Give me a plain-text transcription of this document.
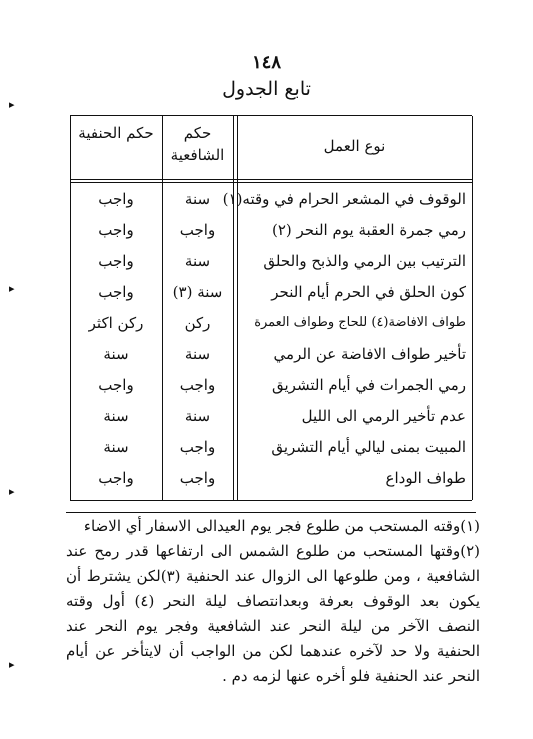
١٤٨
تابع الجدول
نوع العمل
حكم الشافعية
حكم الحنفية
الوقوف في المشعر الحرام في وقته(١)
سنة
واجب
رمي جمرة العقبة يوم النحر (٢)
واجب
واجب
الترتيب بين الرمي والذبح والحلق
سنة
واجب
كون الحلق في الحرم أيام النحر
سنة (٣)
واجب
طواف الافاضة(٤) للحاج وطواف العمرة
ركن
ركن اكثر
تأخير طواف الافاضة عن الرمي
سنة
سنة
رمي الجمرات في أيام التشريق
واجب
واجب
عدم تأخير الرمي الى الليل
سنة
سنة
المبيت بمنى ليالي أيام التشريق
واجب
سنة
طواف الوداع
واجب
واجب

(١)وقته المستحب من طلوع فجر يوم العيدالى الاسفار أي الاضاء

(٢)وقتها المستحب من طلوع الشمس الى ارتفاعها قدر رمح عند الشافعية ، ومن طلوعها الى الزوال عند الحنفية (٣)لكن يشترط أن يكون بعد الوقوف بعرفة وبعدانتصاف ليلة النحر (٤) أول وقته النصف الآخر من ليلة النحر عند الشافعية وفجر يوم النحر عند الحنفية ولا حد لآخره عندهما لكن من الواجب أن لايتأخر عن أيام النحر عند الحنفية فلو أخره عنها لزمه دم .

▸
▸
▸
▸
